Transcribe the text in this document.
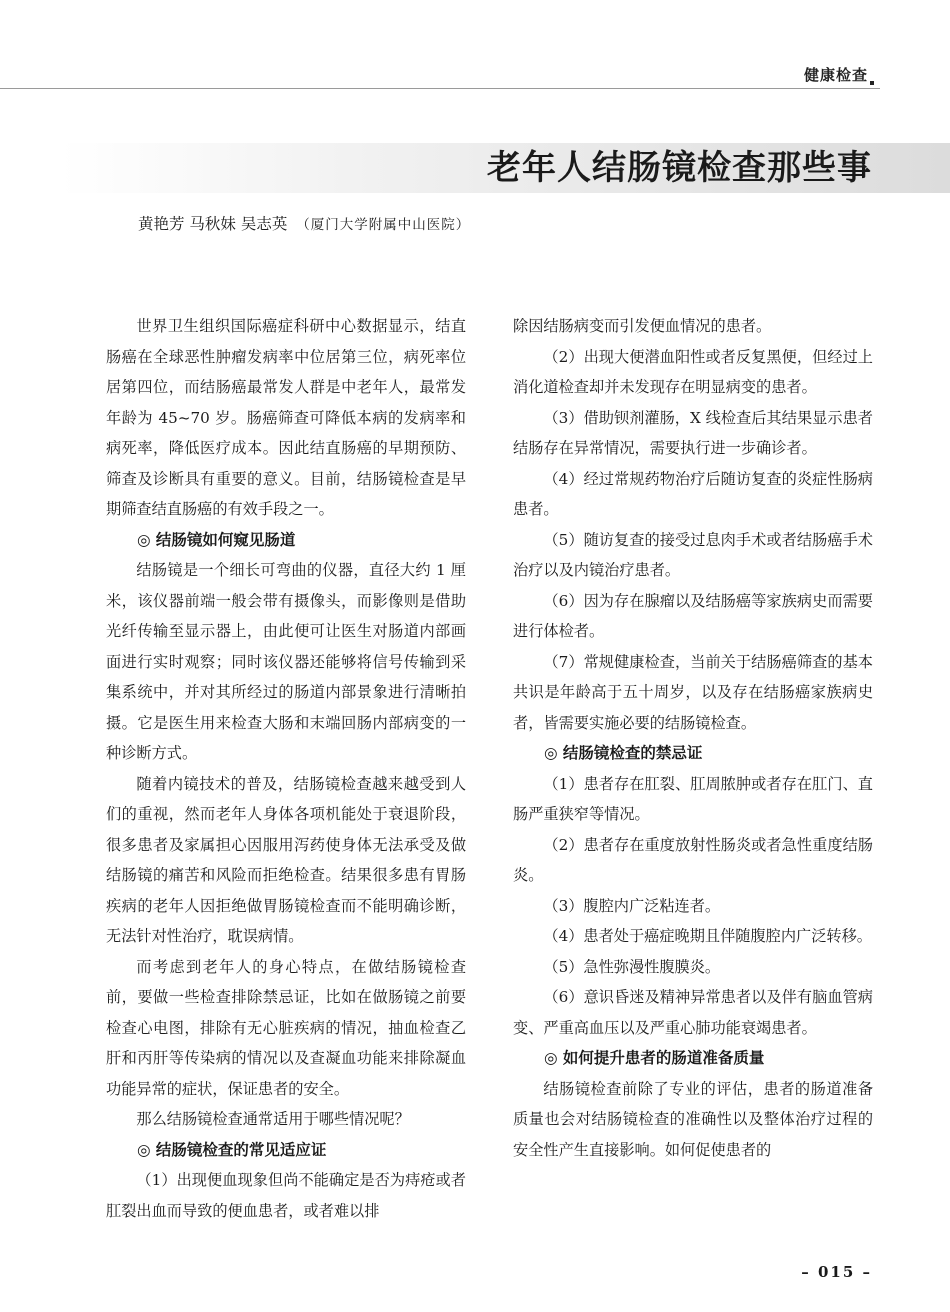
健康检查
老年人结肠镜检查那些事
黄艳芳 马秋妹 吴志英 （厦门大学附属中山医院）

世界卫生组织国际癌症科研中心数据显示，结直肠癌在全球恶性肿瘤发病率中位居第三位，病死率位居第四位，而结肠癌最常发人群是中老年人，最常发年龄为 45~70 岁。肠癌筛查可降低本病的发病率和病死率，降低医疗成本。因此结直肠癌的早期预防、筛查及诊断具有重要的意义。目前，结肠镜检查是早期筛查结直肠癌的有效手段之一。

◎ 结肠镜如何窥见肠道

结肠镜是一个细长可弯曲的仪器，直径大约 1 厘米，该仪器前端一般会带有摄像头，而影像则是借助光纤传输至显示器上，由此便可让医生对肠道内部画面进行实时观察；同时该仪器还能够将信号传输到采集系统中，并对其所经过的肠道内部景象进行清晰拍摄。它是医生用来检查大肠和末端回肠内部病变的一种诊断方式。

随着内镜技术的普及，结肠镜检查越来越受到人们的重视，然而老年人身体各项机能处于衰退阶段，很多患者及家属担心因服用泻药使身体无法承受及做结肠镜的痛苦和风险而拒绝检查。结果很多患有胃肠疾病的老年人因拒绝做胃肠镜检查而不能明确诊断，无法针对性治疗，耽误病情。

而考虑到老年人的身心特点，在做结肠镜检查前，要做一些检查排除禁忌证，比如在做肠镜之前要检查心电图，排除有无心脏疾病的情况，抽血检查乙肝和丙肝等传染病的情况以及查凝血功能来排除凝血功能异常的症状，保证患者的安全。

那么结肠镜检查通常适用于哪些情况呢？

◎ 结肠镜检查的常见适应证

（1）出现便血现象但尚不能确定是否为痔疮或者肛裂出血而导致的便血患者，或者难以排

除因结肠病变而引发便血情况的患者。

（2）出现大便潜血阳性或者反复黑便，但经过上消化道检查却并未发现存在明显病变的患者。

（3）借助钡剂灌肠，X 线检查后其结果显示患者结肠存在异常情况，需要执行进一步确诊者。

（4）经过常规药物治疗后随访复查的炎症性肠病患者。

（5）随访复查的接受过息肉手术或者结肠癌手术治疗以及内镜治疗患者。

（6）因为存在腺瘤以及结肠癌等家族病史而需要进行体检者。

（7）常规健康检查，当前关于结肠癌筛查的基本共识是年龄高于五十周岁，以及存在结肠癌家族病史者，皆需要实施必要的结肠镜检查。

◎ 结肠镜检查的禁忌证

（1）患者存在肛裂、肛周脓肿或者存在肛门、直肠严重狭窄等情况。

（2）患者存在重度放射性肠炎或者急性重度结肠炎。

（3）腹腔内广泛粘连者。

（4）患者处于癌症晚期且伴随腹腔内广泛转移。

（5）急性弥漫性腹膜炎。

（6）意识昏迷及精神异常患者以及伴有脑血管病变、严重高血压以及严重心肺功能衰竭患者。

◎ 如何提升患者的肠道准备质量

结肠镜检查前除了专业的评估，患者的肠道准备质量也会对结肠镜检查的准确性以及整体治疗过程的安全性产生直接影响。如何促使患者的

– 015 –
